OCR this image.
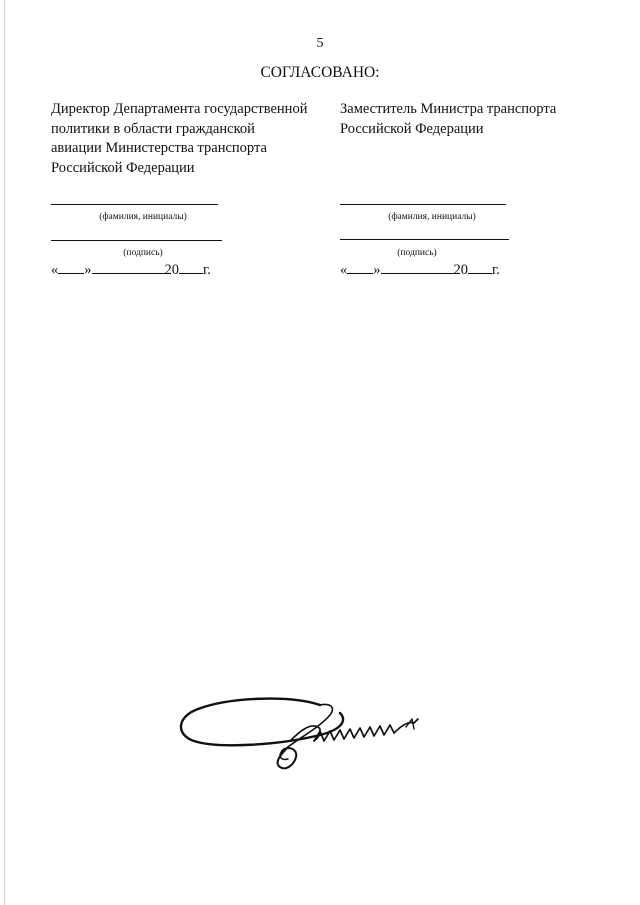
5
СОГЛАСОВАНО:
Директор Департамента государственной
политики в области гражданской
авиации Министерства транспорта
Российской Федерации
Заместитель Министра транспорта
Российской Федерации
(фамилия, инициалы)
(подпись)
« »	20 г.
(фамилия, инициалы)
(подпись)
« »	20 г.
